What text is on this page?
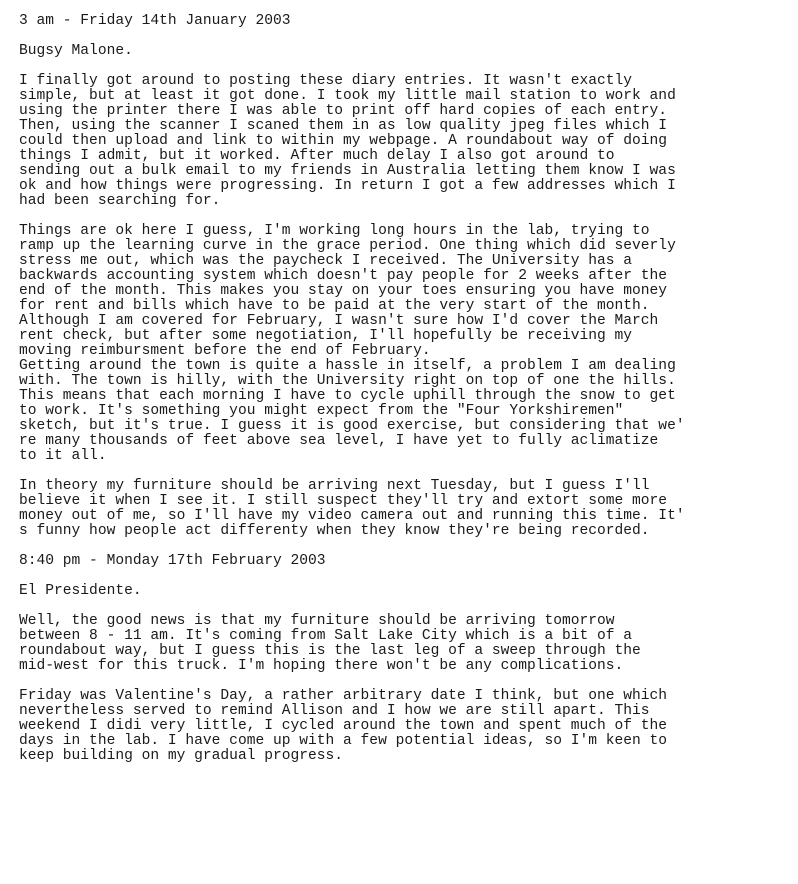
3 am - Friday 14th January 2003
Bugsy Malone.
I finally got around to posting these diary entries. It wasn't exactly
simple, but at least it got done. I took my little mail station to work and
using the printer there I was able to print off hard copies of each entry.
Then, using the scanner I scaned them in as low quality jpeg files which I
could then upload and link to within my webpage. A roundabout way of doing
things I admit, but it worked. After much delay I also got around to
sending out a bulk email to my friends in Australia letting them know I was
ok and how things were progressing. In return I got a few addresses which I
had been searching for.
Things are ok here I guess, I'm working long hours in the lab, trying to
ramp up the learning curve in the grace period. One thing which did severly
stress me out, which was the paycheck I received. The University has a
backwards accounting system which doesn't pay people for 2 weeks after the
end of the month. This makes you stay on your toes ensuring you have money
for rent and bills which have to be paid at the very start of the month.
Although I am covered for February, I wasn't sure how I'd cover the March
rent check, but after some negotiation, I'll hopefully be receiving my
moving reimbursment before the end of February.
Getting around the town is quite a hassle in itself, a problem I am dealing
with. The town is hilly, with the University right on top of one the hills.
This means that each morning I have to cycle uphill through the snow to get
to work. It's something you might expect from the "Four Yorkshiremen"
sketch, but it's true. I guess it is good exercise, but considering that we'
re many thousands of feet above sea level, I have yet to fully aclimatize
to it all.
In theory my furniture should be arriving next Tuesday, but I guess I'll
believe it when I see it. I still suspect they'll try and extort some more
money out of me, so I'll have my video camera out and running this time. It'
s funny how people act differenty when they know they're being recorded.
8:40 pm - Monday 17th February 2003
El Presidente.
Well, the good news is that my furniture should be arriving tomorrow
between 8 - 11 am. It's coming from Salt Lake City which is a bit of a
roundabout way, but I guess this is the last leg of a sweep through the
mid-west for this truck. I'm hoping there won't be any complications.
Friday was Valentine's Day, a rather arbitrary date I think, but one which
nevertheless served to remind Allison and I how we are still apart. This
weekend I didi very little, I cycled around the town and spent much of the
days in the lab. I have come up with a few potential ideas, so I'm keen to
keep building on my gradual progress.
